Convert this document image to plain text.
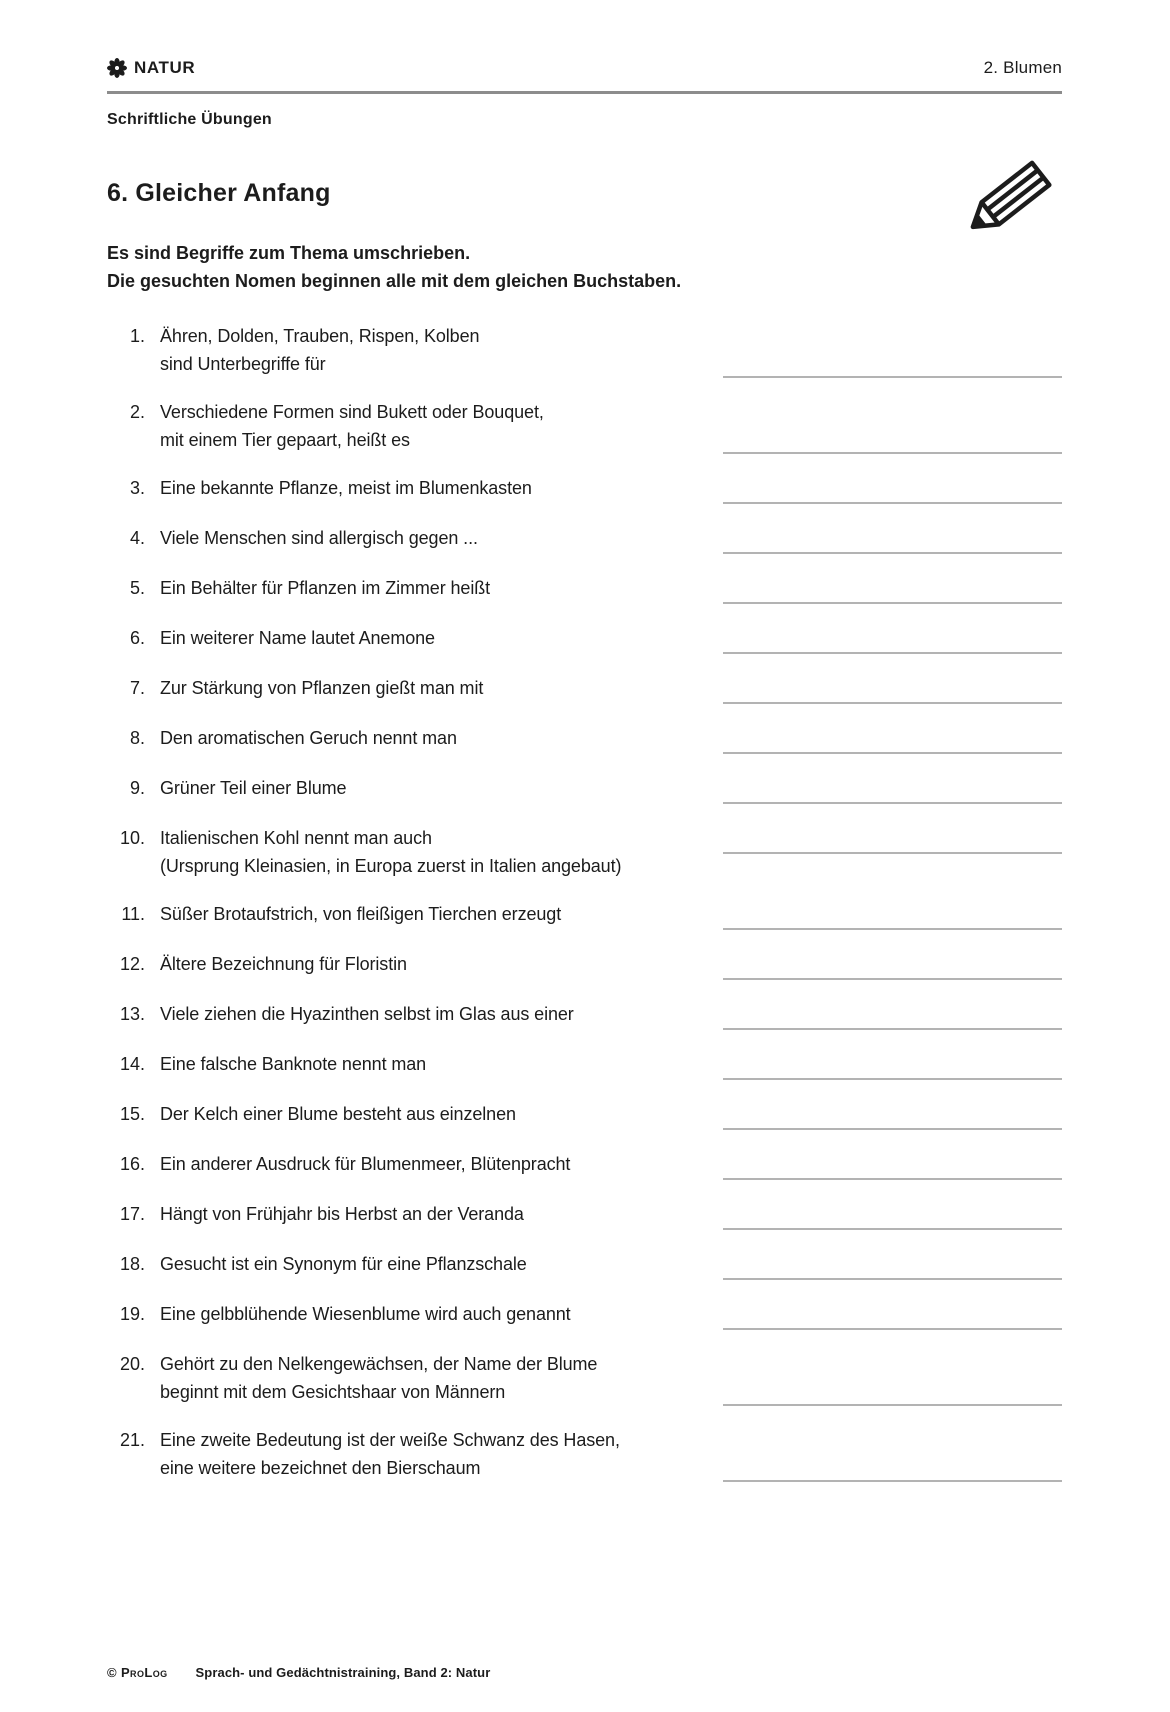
NATUR	2. Blumen
Schriftliche Übungen
6. Gleicher Anfang
Es sind Begriffe zum Thema umschrieben.
Die gesuchten Nomen beginnen alle mit dem gleichen Buchstaben.
1. Ähren, Dolden, Trauben, Rispen, Kolben
sind Unterbegriffe für
2. Verschiedene Formen sind Bukett oder Bouquet,
mit einem Tier gepaart, heißt es
3. Eine bekannte Pflanze, meist im Blumenkasten
4. Viele Menschen sind allergisch gegen ...
5. Ein Behälter für Pflanzen im Zimmer heißt
6. Ein weiterer Name lautet Anemone
7. Zur Stärkung von Pflanzen gießt man mit
8. Den aromatischen Geruch nennt man
9. Grüner Teil einer Blume
10. Italienischen Kohl nennt man auch
(Ursprung Kleinasien, in Europa zuerst in Italien angebaut)
11. Süßer Brotaufstrich, von fleißigen Tierchen erzeugt
12. Ältere Bezeichnung für Floristin
13. Viele ziehen die Hyazinthen selbst im Glas aus einer
14. Eine falsche Banknote nennt man
15. Der Kelch einer Blume besteht aus einzelnen
16. Ein anderer Ausdruck für Blumenmeer, Blütenpracht
17. Hängt von Frühjahr bis Herbst an der Veranda
18. Gesucht ist ein Synonym für eine Pflanzschale
19. Eine gelbblühende Wiesenblume wird auch genannt
20. Gehört zu den Nelkengewächsen, der Name der Blume
beginnt mit dem Gesichtshaar von Männern
21. Eine zweite Bedeutung ist der weiße Schwanz des Hasen,
eine weitere bezeichnet den Bierschaum
© ProLog Sprach- und Gedächtnistraining, Band 2: Natur
